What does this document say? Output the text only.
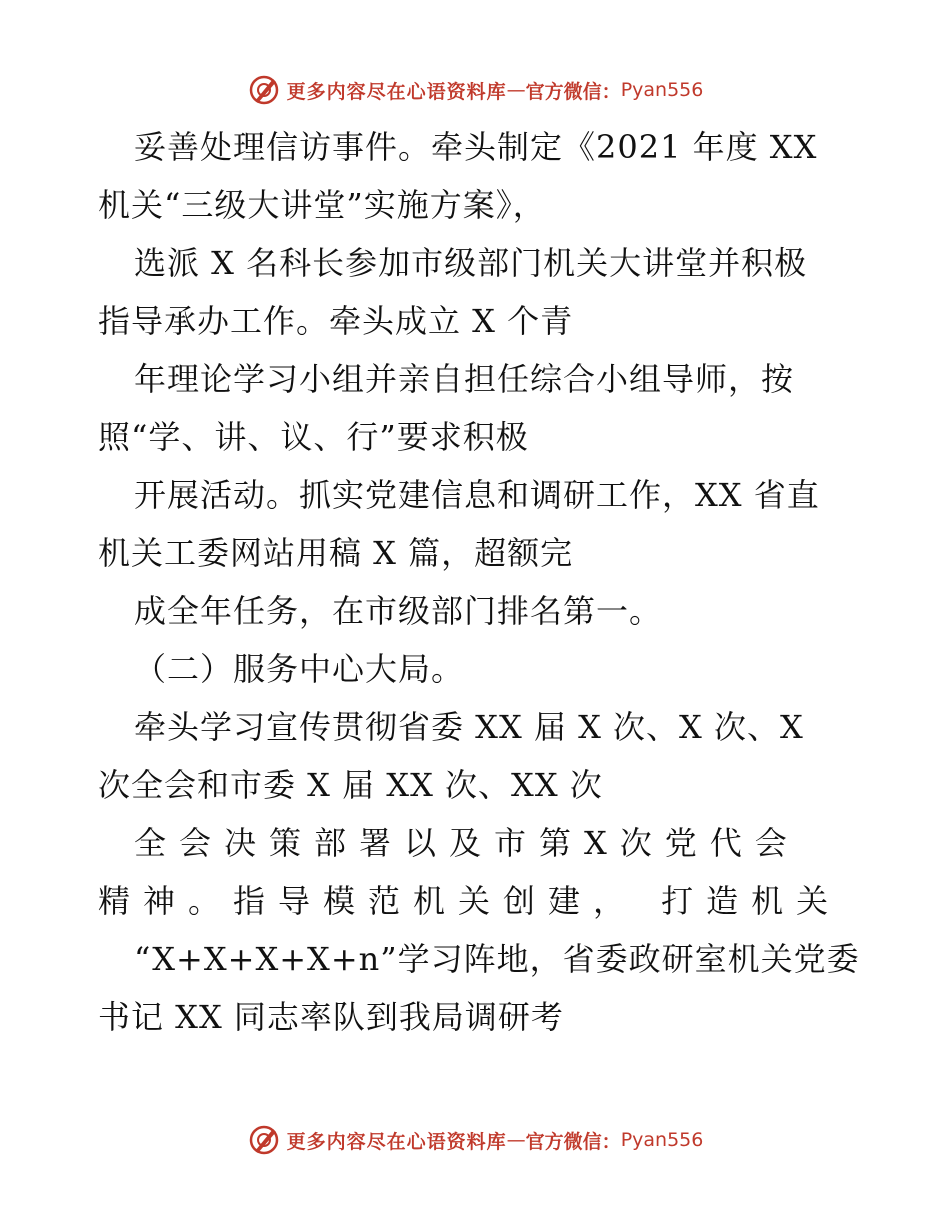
更多内容尽在心语资料库 — 官方微信： Pyan556
妥善处理信访事件。牵头制定《2021 年度 XX
机关“三级大讲堂”实施方案》，
选派 X 名科长参加市级部门机关大讲堂并积极
指导承办工作。牵头成立 X 个青
年理论学习小组并亲自担任综合小组导师，按
照“学、讲、议、行”要求积极
开展活动。抓实党建信息和调研工作，XX 省直
机关工委网站用稿 X 篇，超额完
成全年任务，在市级部门排名第一。
（二）服务中心大局。
牵头学习宣传贯彻省委 XX 届 X 次、X 次、X
次全会和市委 X 届 XX 次、XX 次
全会决策部署以及市第X次党代会
精神。指导模范机关创建， 打造机关
“X+X+X+X+n”学习阵地，省委政研室机关党委
书记 XX 同志率队到我局调研考
更多内容尽在心语资料库 — 官方微信： Pyan556
